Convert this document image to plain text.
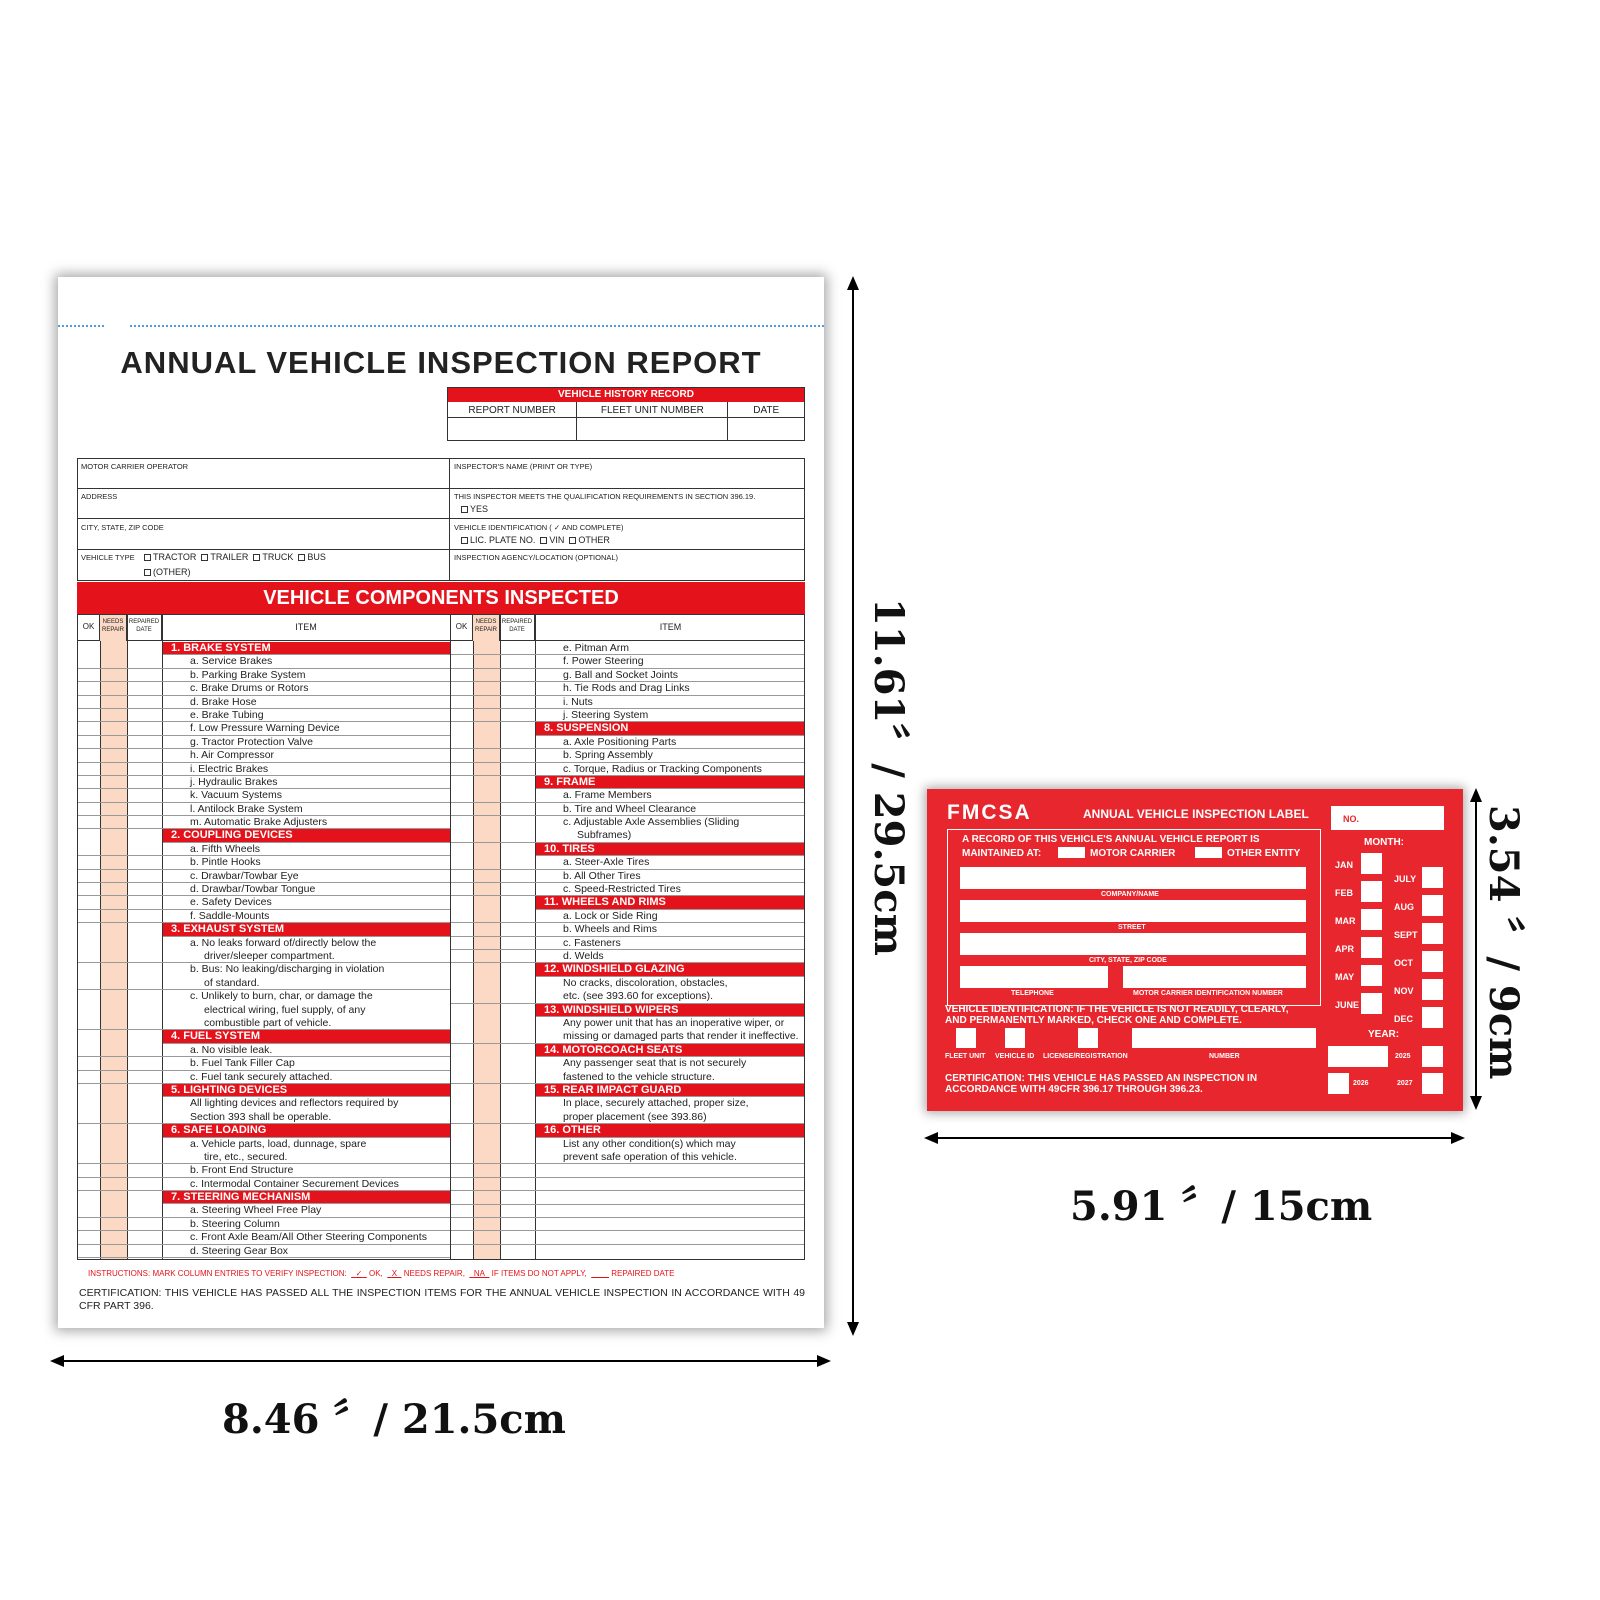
ANNUAL VEHICLE INSPECTION REPORT
VEHICLE HISTORY RECORD
REPORT NUMBER	FLEET UNIT NUMBER	DATE
MOTOR CARRIER OPERATOR	INSPECTOR'S NAME (PRINT OR TYPE)
ADDRESS	THIS INSPECTOR MEETS THE QUALIFICATION REQUIREMENTS IN SECTION 396.19.
YES
CITY, STATE, ZIP CODE	VEHICLE IDENTIFICATION ( ✓ AND COMPLETE)
LIC. PLATE NO. VIN OTHER
VEHICLE TYPE	TRACTOR TRAILER TRUCK BUS
(OTHER)
INSPECTION AGENCY/LOCATION (OPTIONAL)
VEHICLE COMPONENTS INSPECTED
OK	NEEDS REPAIR
REPAIRED DATE	ITEM
1. BRAKE SYSTEM
a. Service Brakes
b. Parking Brake System
c. Brake Drums or Rotors
d. Brake Hose
e. Brake Tubing
f. Low Pressure Warning Device
g. Tractor Protection Valve
h. Air Compressor
i. Electric Brakes
j. Hydraulic Brakes
k. Vacuum Systems
l. Antilock Brake System
m. Automatic Brake Adjusters
2. COUPLING DEVICES
a. Fifth Wheels
b. Pintle Hooks
c. Drawbar/Towbar Eye
d. Drawbar/Towbar Tongue
e. Safety Devices
f. Saddle-Mounts
3. EXHAUST SYSTEM
a. No leaks forward of/directly below the
driver/sleeper compartment.
b. Bus: No leaking/discharging in violation
of standard.
c. Unlikely to burn, char, or damage the
electrical wiring, fuel supply, of any
combustible part of vehicle.
4. FUEL SYSTEM
a. No visible leak.
b. Fuel Tank Filler Cap
c. Fuel tank securely attached.
5. LIGHTING DEVICES
All lighting devices and reflectors required by
Section 393 shall be operable.
6. SAFE LOADING
a. Vehicle parts, load, dunnage, spare
tire, etc., secured.
b. Front End Structure
c. Intermodal Container Securement Devices
7. STEERING MECHANISM
a. Steering Wheel Free Play
b. Steering Column
c. Front Axle Beam/All Other Steering Components
d. Steering Gear Box
OK	NEEDS REPAIR
REPAIRED DATE	ITEM
e. Pitman Arm
f. Power Steering
g. Ball and Socket Joints
h. Tie Rods and Drag Links
i. Nuts
j. Steering System
8. SUSPENSION
a. Axle Positioning Parts
b. Spring Assembly
c. Torque, Radius or Tracking Components
9. FRAME
a. Frame Members
b. Tire and Wheel Clearance
c. Adjustable Axle Assemblies (Sliding
Subframes)
10. TIRES
a. Steer-Axle Tires
b. All Other Tires
c. Speed-Restricted Tires
11. WHEELS AND RIMS
a. Lock or Side Ring
b. Wheels and Rims
c. Fasteners
d. Welds
12. WINDSHIELD GLAZING
No cracks, discoloration, obstacles,
etc. (see 393.60 for exceptions).
13. WINDSHIELD WIPERS
Any power unit that has an inoperative wiper, or
missing or damaged parts that render it ineffective.
14. MOTORCOACH SEATS
Any passenger seat that is not securely
fastened to the vehicle structure.
15. REAR IMPACT GUARD
In place, securely attached, proper size,
proper placement (see 393.86)
16. OTHER
List any other condition(s) which may
prevent safe operation of this vehicle.
INSTRUCTIONS: MARK COLUMN ENTRIES TO VERIFY INSPECTION: ✓ OK, X NEEDS REPAIR, NA IF ITEMS DO NOT APPLY,	REPAIRED DATE
CERTIFICATION: THIS VEHICLE HAS PASSED ALL THE INSPECTION ITEMS FOR THE ANNUAL VEHICLE INSPECTION IN ACCORDANCE WITH 49 CFR PART 396.
8.46 〞/ 21.5cm
11.61〞/ 29.5cm	FMCSA	ANNUAL VEHICLE INSPECTION LABEL	NO.
A RECORD OF THIS VEHICLE'S ANNUAL VEHICLE REPORT IS
MAINTAINED AT:	MOTOR CARRIER	OTHER ENTITY
COMPANY/NAME
STREET
CITY, STATE, ZIP CODE
TELEPHONE	MOTOR CARRIER IDENTIFICATION NUMBER
MONTH:
JAN
FEB
MAR
APR
MAY
JUNE
JULY
AUG
SEPT
OCT
NOV
DEC
VEHICLE IDENTIFICATION: IF THE VEHICLE IS NOT READILY, CLEARLY,
AND PERMANENTLY MARKED, CHECK ONE AND COMPLETE.
FLEET UNIT VEHICLE ID LICENSE/REGISTRATION	NUMBER
YEAR:
2025
2026	2027
CERTIFICATION: THIS VEHICLE HAS PASSED AN INSPECTION IN
ACCORDANCE WITH 49CFR 396.17 THROUGH 396.23.
5.91 〞/ 15cm
3.54 〞/ 9cm
